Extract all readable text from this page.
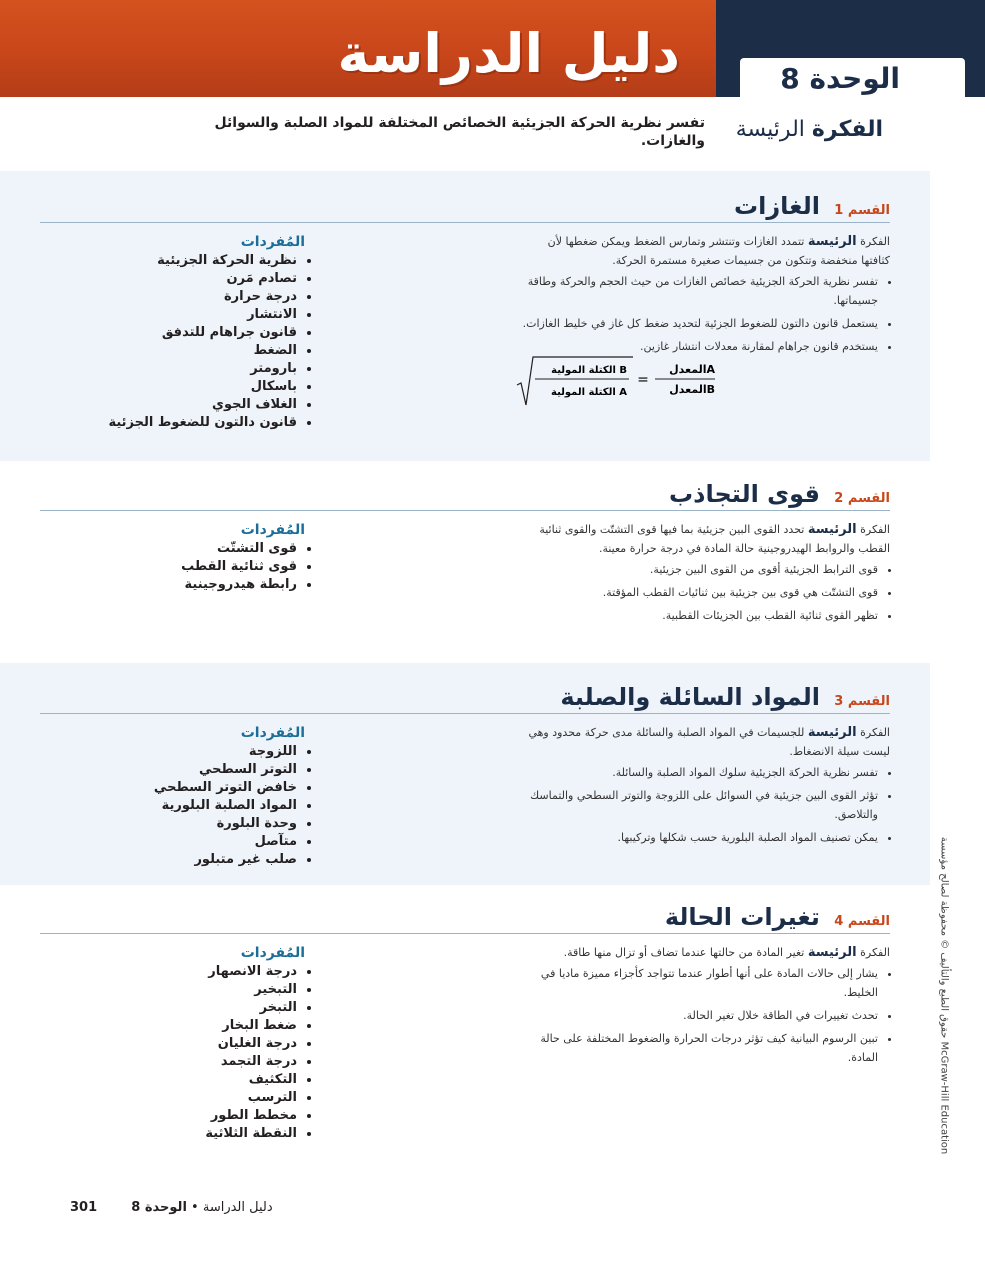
دليل الدراسة	الوحدة 8
الفكرة الرئيسة
تفسر نظرية الحركة الجزيئية الخصائص المختلفة للمواد الصلبة والسوائل والغازات.
القسم 1 الغازات
الفكرة الرئيسة تتمدد الغازات وتنتشر وتمارس الضغط ويمكن ضغطها لأن كثافتها منخفضة وتتكون من جسيمات صغيرة مستمرة الحركة.
• تفسر نظرية الحركة الجزيئية خصائص الغازات من حيث الحجم والحركة وطاقة جسيماتها.
• يستعمل قانون دالتون للضغوط الجزئية لتحديد ضغط كل غاز في خليط الغازات.
• يستخدم قانون جراهام لمقارنة معدلات انتشار غازين.
المُفردات
• نظرية الحركة الجزيئية
• تصادم مَرن
• درجة حرارة
• الانتشار
• قانون جراهام للتدفق
• الضغط
• بارومتر
• باسكال
• الغلاف الجوي
• قانون دالتون للضغوط الجزئية
المعدلA
المعدلB
=
الكتلة المولية B
الكتلة المولية A
القسم 2 قوى التجاذب
الفكرة الرئيسة تحدد القوى البين جزيئية بما فيها قوى التشتّت والقوى ثنائية القطب والروابط الهيدروجينية حالة المادة في درجة حرارة معينة.
• قوى الترابط الجزيئية أقوى من القوى البين جزيئية.
• قوى التشتّت هي قوى بين جزيئية بين ثنائيات القطب المؤقتة.
• تظهر القوى ثنائية القطب بين الجزيئات القطبية.
المُفردات
• قوى التشتّت
• قوى ثنائية القطب
• رابطة هيدروجينية
القسم 3 المواد السائلة والصلبة
الفكرة الرئيسة للجسيمات في المواد الصلبة والسائلة مدى حركة محدود وهي ليست سيلة الانضغاط.
• تفسر نظرية الحركة الجزيئية سلوك المواد الصلبة والسائلة.
• تؤثر القوى البين جزيئية في السوائل على اللزوجة والتوتر السطحي والتماسك والتلاصق.
• يمكن تصنيف المواد الصلبة البلورية حسب شكلها وتركيبها.
المُفردات
• اللزوجة
• التوتر السطحي
• خافض التوتر السطحي
• المواد الصلبة البلورية
• وحدة البلورة
• متآصل
• صلب غير متبلور
القسم 4 تغيرات الحالة
الفكرة الرئيسة تغير المادة من حالتها عندما تضاف أو تزال منها طاقة.
• يشار إلى حالات المادة على أنها أطوار عندما تتواجد كأجزاء مميزة ماديا في الخليط.
• تحدث تغييرات في الطاقة خلال تغير الحالة.
• تبين الرسوم البيانية كيف تؤثر درجات الحرارة والضغوط المختلفة على حالة المادة.
المُفردات
• درجة الانصهار
• التبخير
• التبخر
• ضغط البخار
• درجة الغليان
• درجة التجمد
• التكثيف
• الترسب
• مخطط الطور
• النقطة الثلاثية
حقوق الطبع والتأليف © محفوظة لصالح مؤسسة McGraw-Hill Education
301	دليل الدراسة • الوحدة 8
